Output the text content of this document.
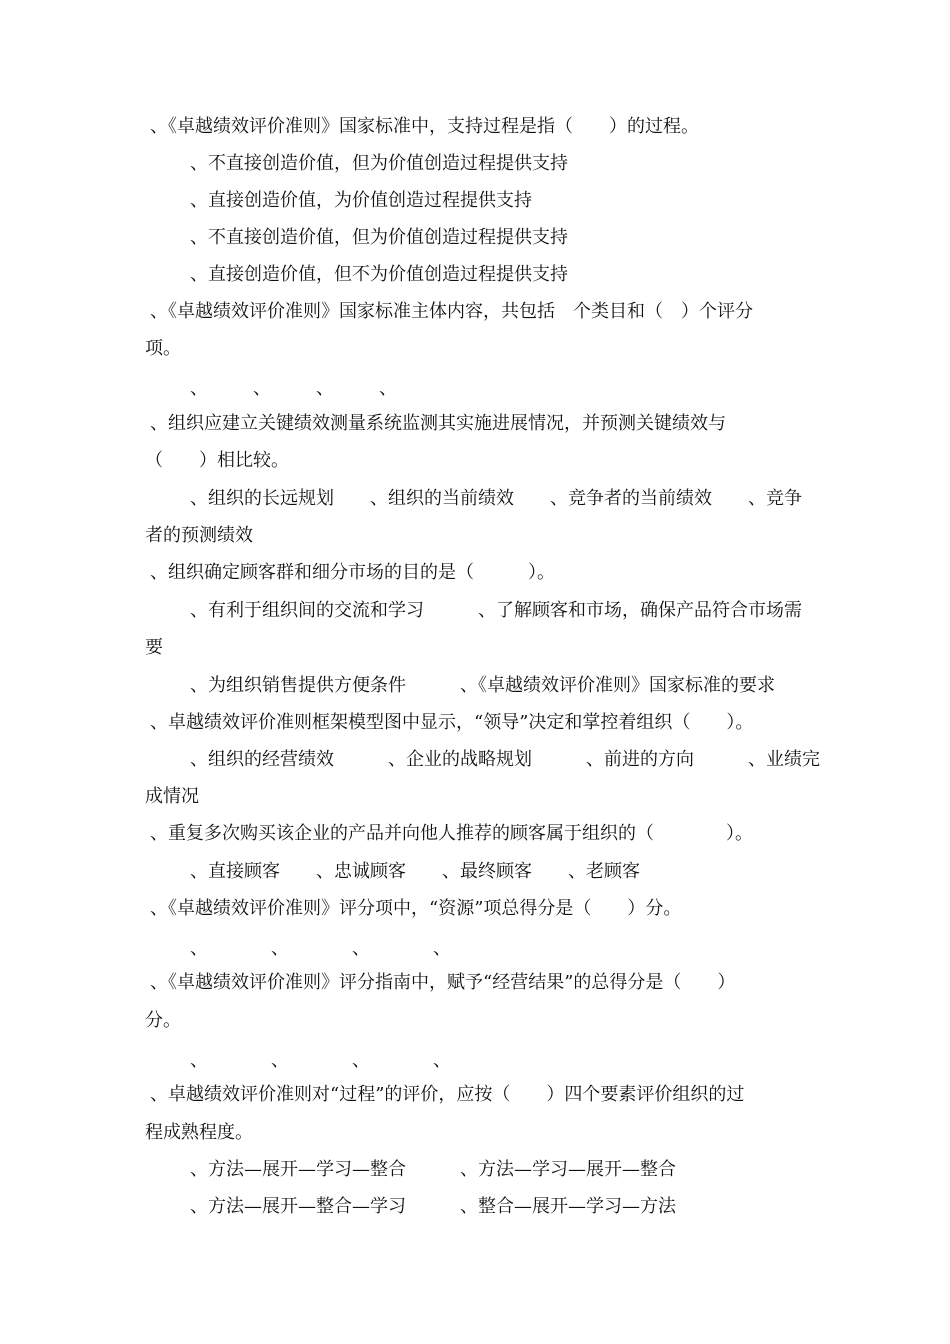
、《卓越绩效评价准则》国家标准中，支持过程是指（　　）的过程。
、不直接创造价值，但为价值创造过程提供支持
、直接创造价值，为价值创造过程提供支持
、不直接创造价值，但为价值创造过程提供支持
、直接创造价值，但不为价值创造过程提供支持
、《卓越绩效评价准则》国家标准主体内容，共包括　个类目和（　）个评分
项。
、　　　、　　　、　　　、
、组织应建立关键绩效测量系统监测其实施进展情况，并预测关键绩效与
（　　）相比较。
、组织的长远规划　　、组织的当前绩效　　、竞争者的当前绩效　　、竞争
者的预测绩效
、组织确定顾客群和细分市场的目的是（　　　）。
、有利于组织间的交流和学习　　　、了解顾客和市场，确保产品符合市场需
要
、为组织销售提供方便条件　　　、《卓越绩效评价准则》国家标准的要求
、卓越绩效评价准则框架模型图中显示，“领导”决定和掌控着组织（　　）。
、组织的经营绩效　　　、企业的战略规划　　　、前进的方向　　　、业绩完
成情况
、重复多次购买该企业的产品并向他人推荐的顾客属于组织的（　　　　）。
、直接顾客　　、忠诚顾客　　、最终顾客　　、老顾客
、《卓越绩效评价准则》评分项中，“资源”项总得分是（　　）分。
、　　　　、　　　　、　　　　、
、《卓越绩效评价准则》评分指南中，赋予“经营结果”的总得分是（　　）
分。
、　　　　、　　　　、　　　　、
、卓越绩效评价准则对“过程”的评价，应按（　　）四个要素评价组织的过
程成熟程度。
、方法—展开—学习—整合　　　、方法—学习—展开—整合
、方法—展开—整合—学习　　　、整合—展开—学习—方法
